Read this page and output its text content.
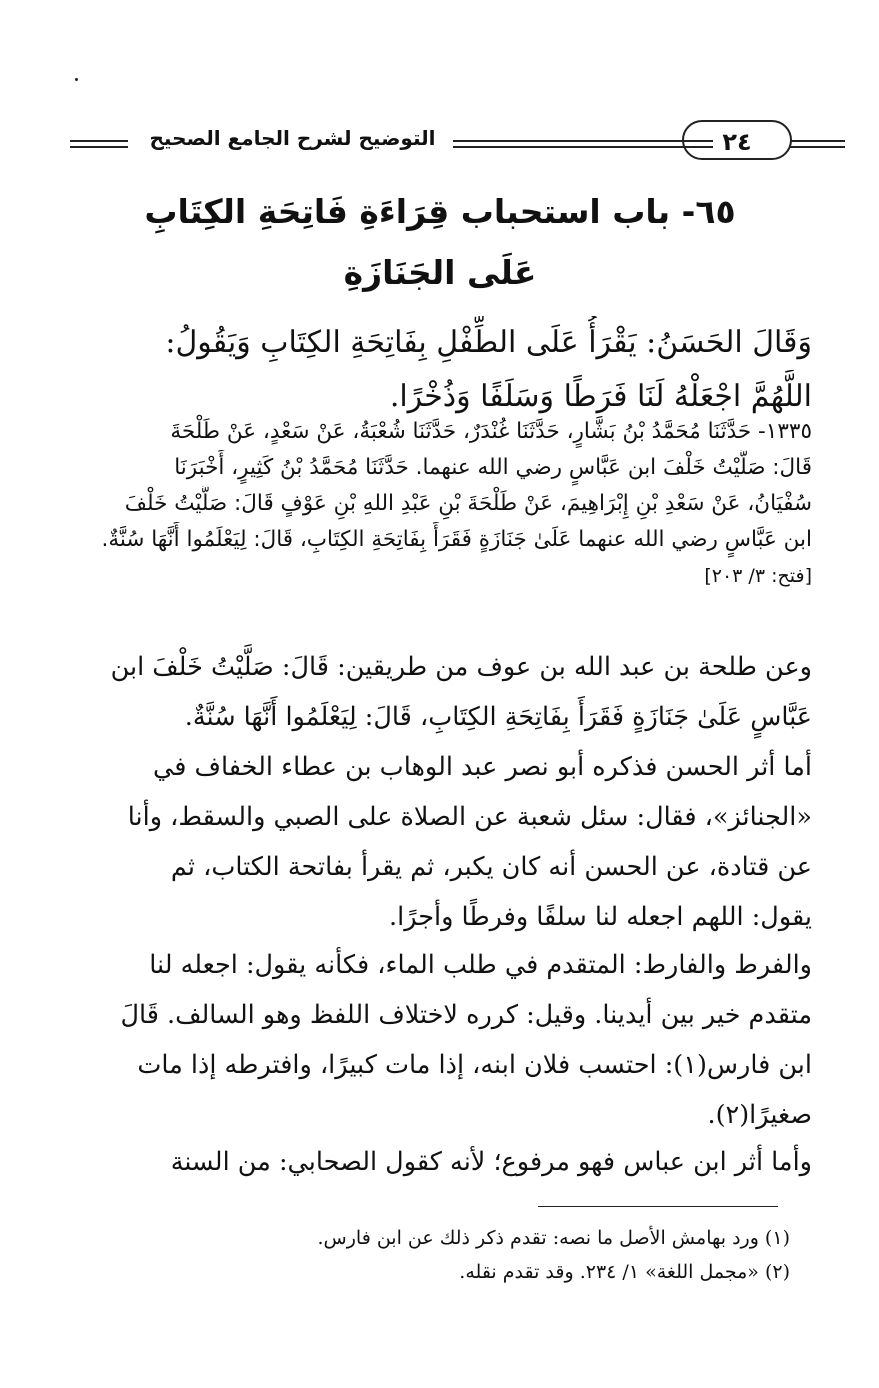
التوضيح لشرح الجامع الصحيح	٢٤
٦٥- باب استحباب قِرَاءَةِ فَاتِحَةِ الكِتَابِ
عَلَى الجَنَازَةِ
وَقَالَ الحَسَنُ: يَقْرَأُ عَلَى الطِّفْلِ بِفَاتِحَةِ الكِتَابِ وَيَقُولُ:
اللَّهُمَّ اجْعَلْهُ لَنَا فَرَطًا وَسَلَفًا وَذُخْرًا.
١٣٣٥- حَدَّثَنَا مُحَمَّدُ بْنُ بَشَّارٍ، حَدَّثَنَا غُنْدَرٌ، حَدَّثَنَا شُعْبَةُ، عَنْ سَعْدٍ، عَنْ طَلْحَةَ
قَالَ: صَلَّيْتُ خَلْفَ ابن عَبَّاسٍ رضي الله عنهما. حَدَّثَنَا مُحَمَّدُ بْنُ كَثِيرٍ، أَخْبَرَنَا
سُفْيَانُ، عَنْ سَعْدِ بْنِ إِبْرَاهِيمَ، عَنْ طَلْحَةَ بْنِ عَبْدِ اللهِ بْنِ عَوْفٍ قَالَ: صَلَّيْتُ خَلْفَ
ابن عَبَّاسٍ رضي الله عنهما عَلَىٰ جَنَازَةٍ فَقَرَأَ بِفَاتِحَةِ الكِتَابِ، قَالَ: لِيَعْلَمُوا أَنَّهَا سُنَّةٌ.
[فتح: ٣/ ٢٠٣]
وعن طلحة بن عبد الله بن عوف من طريقين: قَالَ: صَلَّيْتُ خَلْفَ ابن
عَبَّاسٍ عَلَىٰ جَنَازَةٍ فَقَرَأَ بِفَاتِحَةِ الكِتَابِ، قَالَ: لِيَعْلَمُوا أَنَّهَا سُنَّةٌ.
أما أثر الحسن فذكره أبو نصر عبد الوهاب بن عطاء الخفاف في
«الجنائز»، فقال: سئل شعبة عن الصلاة على الصبي والسقط، وأنا
عن قتادة، عن الحسن أنه كان يكبر، ثم يقرأ بفاتحة الكتاب، ثم
يقول: اللهم اجعله لنا سلفًا وفرطًا وأجرًا.
والفرط والفارط: المتقدم في طلب الماء، فكأنه يقول: اجعله لنا
متقدم خير بين أيدينا. وقيل: كرره لاختلاف اللفظ وهو السالف. قَالَ
ابن فارس(١): احتسب فلان ابنه، إذا مات كبيرًا، وافترطه إذا مات
صغيرًا(٢).
وأما أثر ابن عباس فهو مرفوع؛ لأنه كقول الصحابي: من السنة
(١) ورد بهامش الأصل ما نصه: تقدم ذكر ذلك عن ابن فارس.
(٢) «مجمل اللغة» ١/ ٢٣٤. وقد تقدم نقله.
